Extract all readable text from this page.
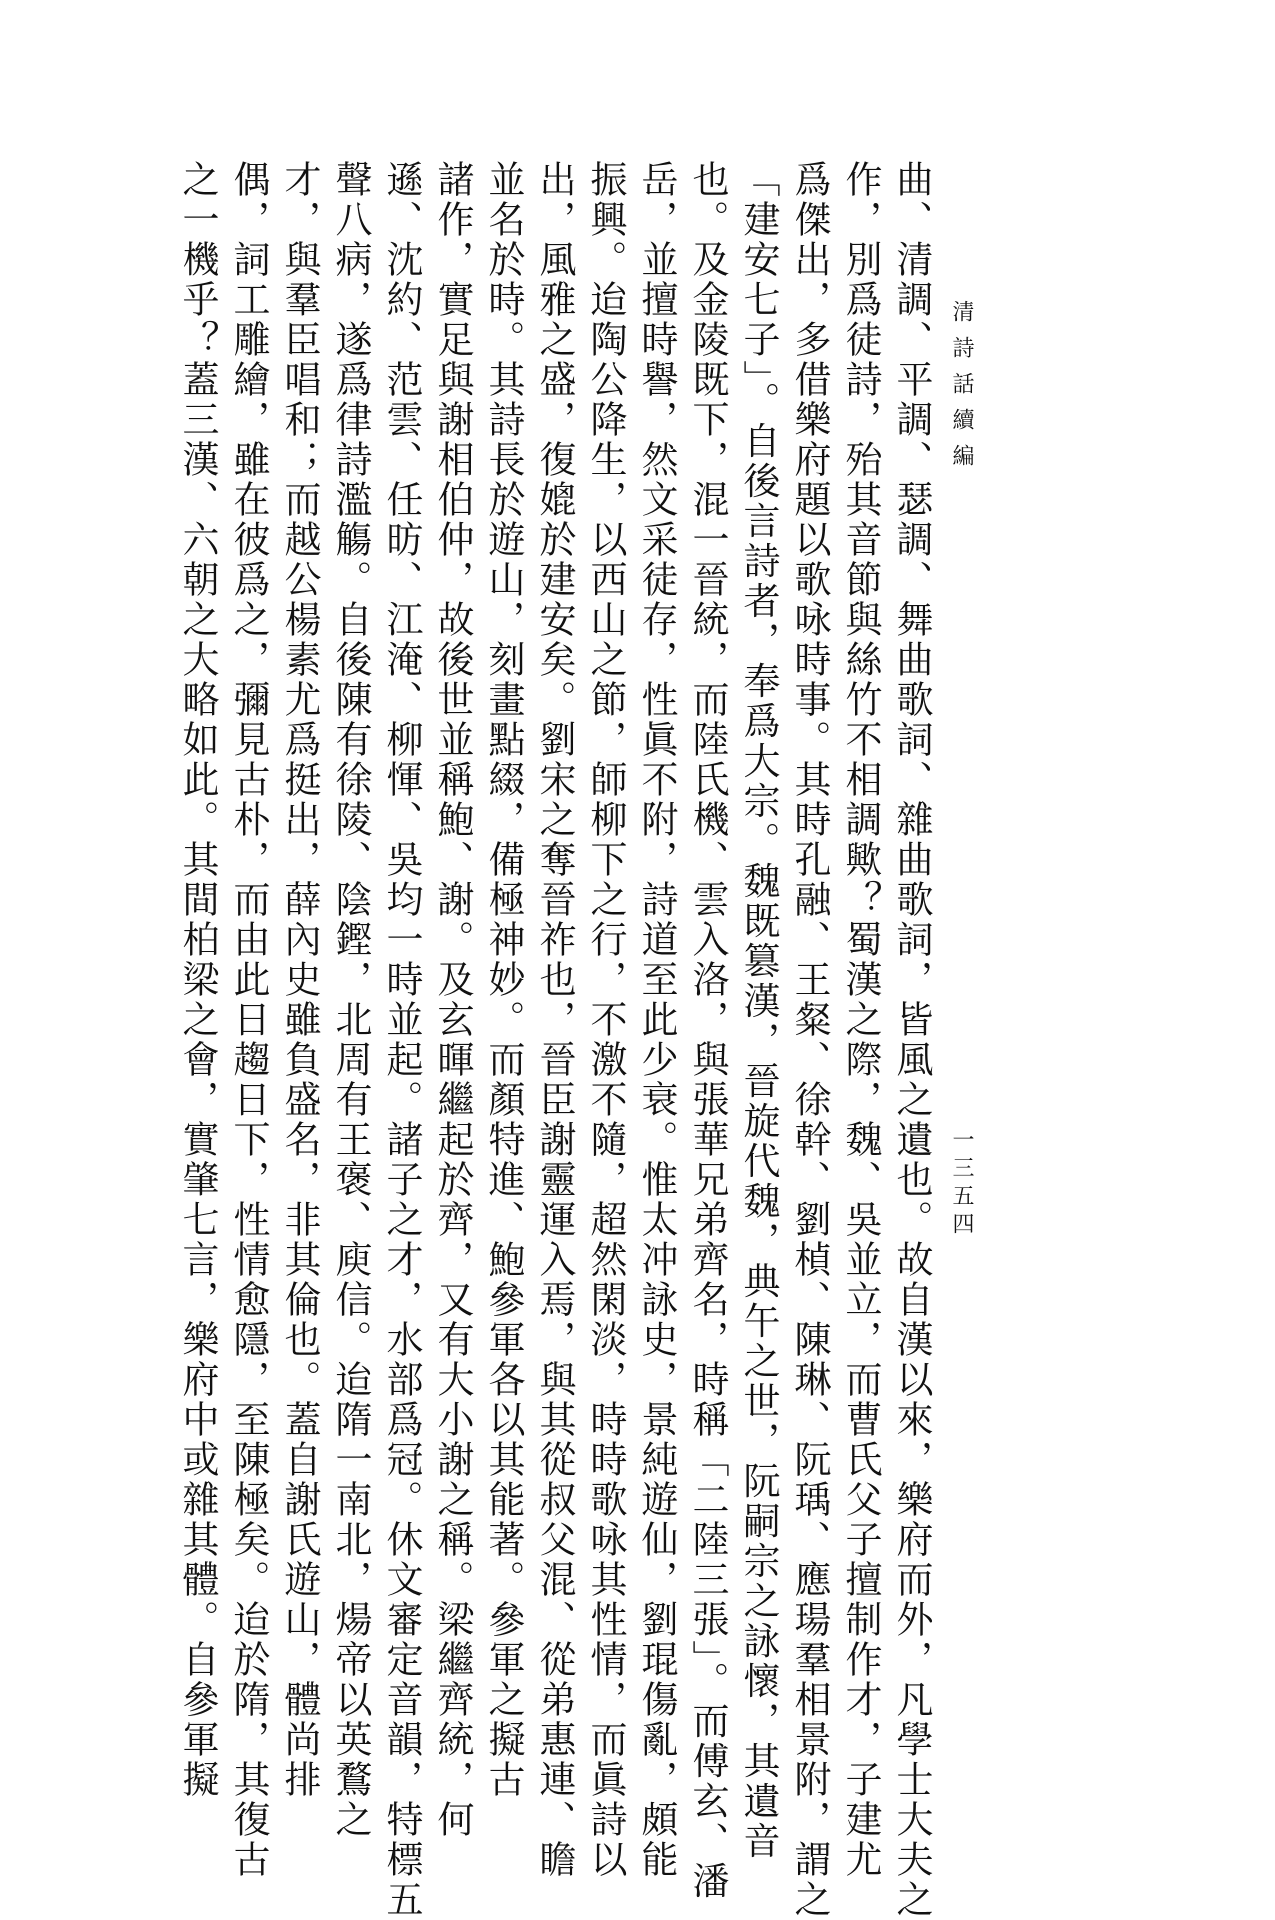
清詩話續編
一三五四
曲、清調、平調、瑟調、舞曲歌詞、雜曲歌詞，皆風之遺也。故自漢以來，樂府而外，凡學士大夫之
作，別爲徒詩，殆其音節與絲竹不相調歟？蜀漢之際，魏、吳並立，而曹氏父子擅制作才，子建尤
爲傑出，多借樂府題以歌咏時事。其時孔融、王粲、徐幹、劉楨、陳琳、阮瑀、應瑒羣相景附，謂之
「建安七子」。自後言詩者，奉爲大宗。魏既篡漢，晉旋代魏，典午之世，阮嗣宗之詠懷，其遺音
也。及金陵既下，混一晉統，而陸氏機、雲入洛，與張華兄弟齊名，時稱「二陸三張」。而傅玄、潘
岳，並擅時譽，然文采徒存，性眞不附，詩道至此少衰。惟太冲詠史，景純遊仙，劉琨傷亂，頗能
振興。迨陶公降生，以西山之節，師柳下之行，不激不隨，超然閑淡，時時歌咏其性情，而眞詩以
出，風雅之盛，復媲於建安矣。劉宋之奪晉祚也，晉臣謝靈運入焉，與其從叔父混、從弟惠連、瞻
並名於時。其詩長於遊山，刻畫點綴，備極神妙。而顏特進、鮑參軍各以其能著。參軍之擬古
諸作，實足與謝相伯仲，故後世並稱鮑、謝。及玄暉繼起於齊，又有大小謝之稱。梁繼齊統，何
遜、沈約、范雲、任昉、江淹、柳惲、吳均一時並起。諸子之才，水部爲冠。休文審定音韻，特標五
聲八病，遂爲律詩濫觴。自後陳有徐陵、陰鏗，北周有王褒、庾信。迨隋一南北，煬帝以英鶩之
才，與羣臣唱和；而越公楊素尤爲挺出，薛內史雖負盛名，非其倫也。蓋自謝氏遊山，體尚排
偶，詞工雕繪，雖在彼爲之，彌見古朴，而由此日趨日下，性情愈隱，至陳極矣。迨於隋，其復古
之一機乎？蓋三漢、六朝之大略如此。其間柏梁之會，實肇七言，樂府中或雜其體。自參軍擬
